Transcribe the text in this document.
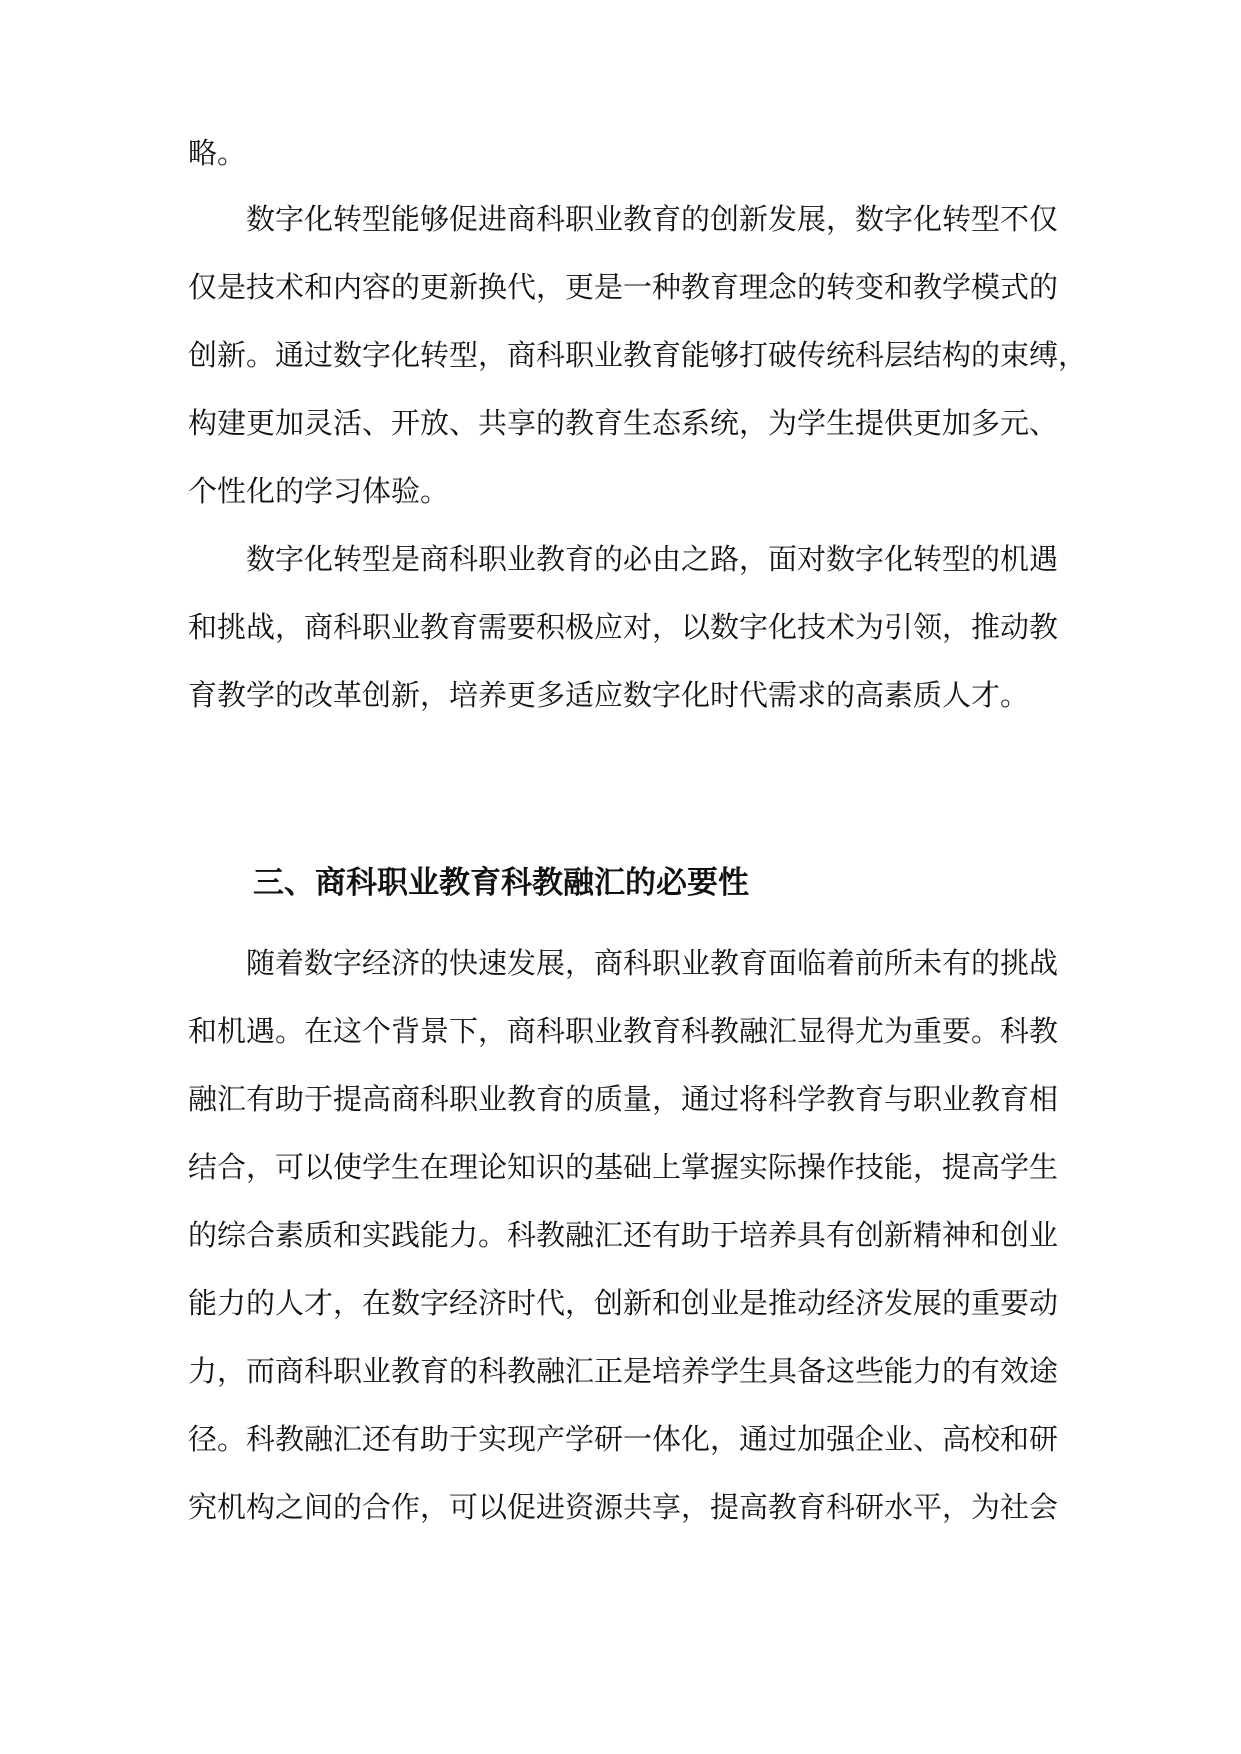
略。
数字化转型能够促进商科职业教育的创新发展，数字化转型不仅
仅是技术和内容的更新换代，更是一种教育理念的转变和教学模式的
创新。通过数字化转型，商科职业教育能够打破传统科层结构的束缚，
构建更加灵活、开放、共享的教育生态系统，为学生提供更加多元、
个性化的学习体验。
数字化转型是商科职业教育的必由之路，面对数字化转型的机遇
和挑战，商科职业教育需要积极应对，以数字化技术为引领，推动教
育教学的改革创新，培养更多适应数字化时代需求的高素质人才。
三、商科职业教育科教融汇的必要性
随着数字经济的快速发展，商科职业教育面临着前所未有的挑战
和机遇。在这个背景下，商科职业教育科教融汇显得尤为重要。科教
融汇有助于提高商科职业教育的质量，通过将科学教育与职业教育相
结合，可以使学生在理论知识的基础上掌握实际操作技能，提高学生
的综合素质和实践能力。科教融汇还有助于培养具有创新精神和创业
能力的人才，在数字经济时代，创新和创业是推动经济发展的重要动
力，而商科职业教育的科教融汇正是培养学生具备这些能力的有效途
径。科教融汇还有助于实现产学研一体化，通过加强企业、高校和研
究机构之间的合作，可以促进资源共享，提高教育科研水平，为社会
